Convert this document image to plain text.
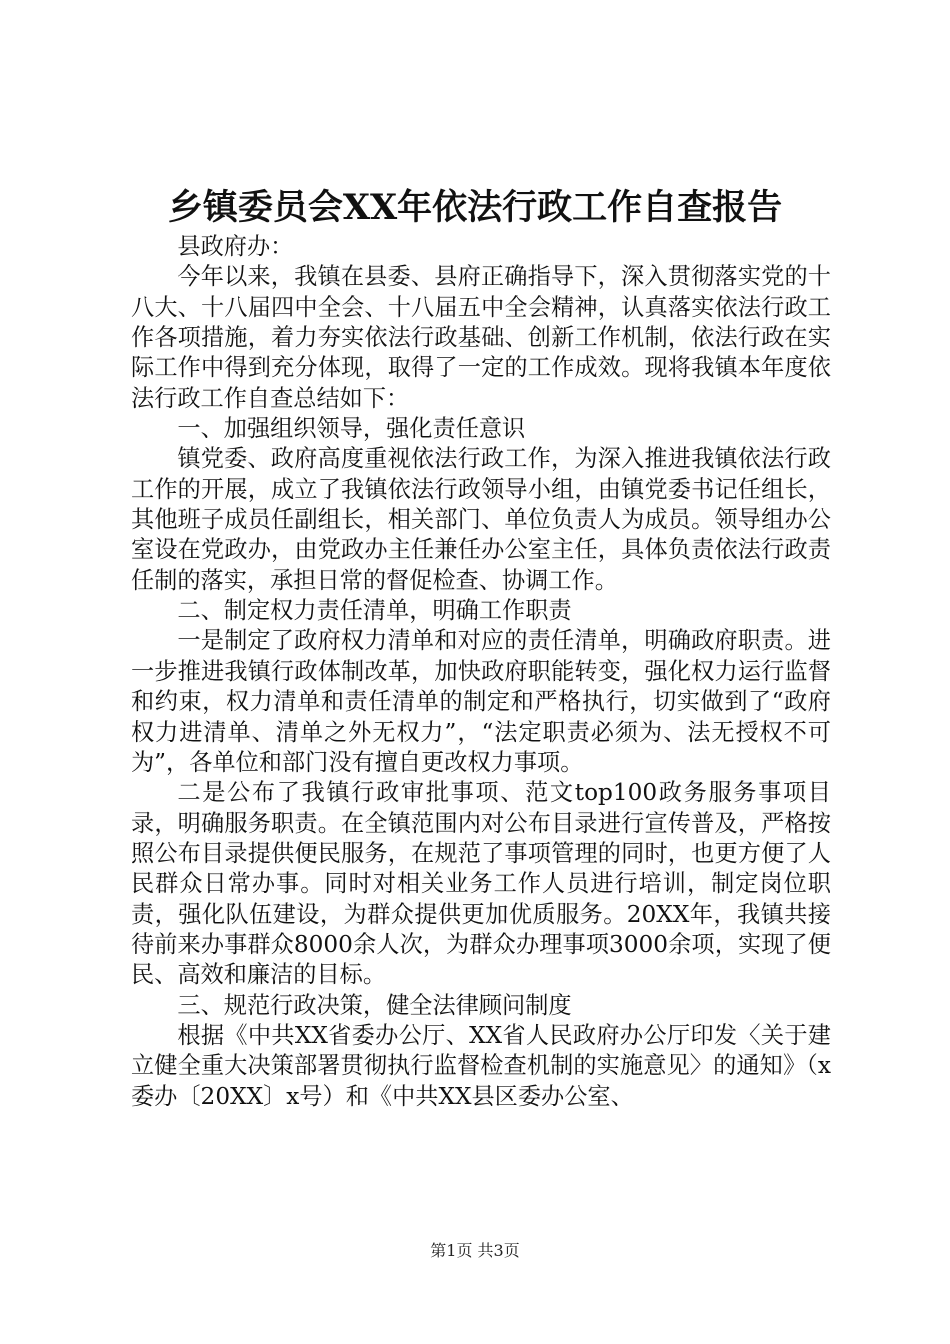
乡镇委员会XX年依法行政工作自查报告

县政府办：

今年以来，我镇在县委、县府正确指导下，深入贯彻落实党的十八大、十八届四中全会、十八届五中全会精神，认真落实依法行政工作各项措施，着力夯实依法行政基础、创新工作机制，依法行政在实际工作中得到充分体现，取得了一定的工作成效。现将我镇本年度依法行政工作自查总结如下：

一、加强组织领导，强化责任意识

镇党委、政府高度重视依法行政工作，为深入推进我镇依法行政工作的开展，成立了我镇依法行政领导小组，由镇党委书记任组长，其他班子成员任副组长，相关部门、单位负责人为成员。领导组办公室设在党政办，由党政办主任兼任办公室主任，具体负责依法行政责任制的落实，承担日常的督促检查、协调工作。

二、制定权力责任清单，明确工作职责

一是制定了政府权力清单和对应的责任清单，明确政府职责。进一步推进我镇行政体制改革，加快政府职能转变，强化权力运行监督和约束，权力清单和责任清单的制定和严格执行，切实做到了“政府权力进清单、清单之外无权力”，“法定职责必须为、法无授权不可为”，各单位和部门没有擅自更改权力事项。

二是公布了我镇行政审批事项、范文top100政务服务事项目录，明确服务职责。在全镇范围内对公布目录进行宣传普及，严格按照公布目录提供便民服务，在规范了事项管理的同时，也更方便了人民群众日常办事。同时对相关业务工作人员进行培训，制定岗位职责，强化队伍建设，为群众提供更加优质服务。20XX年，我镇共接待前来办事群众8000余人次，为群众办理事项3000余项，实现了便民、高效和廉洁的目标。

三、规范行政决策，健全法律顾问制度

根据《中共XX省委办公厅、XX省人民政府办公厅印发〈关于建立健全重大决策部署贯彻执行监督检查机制的实施意见〉的通知》（x委办〔20XX〕x号）和《中共XX县区委办公室、

第1页 共3页
